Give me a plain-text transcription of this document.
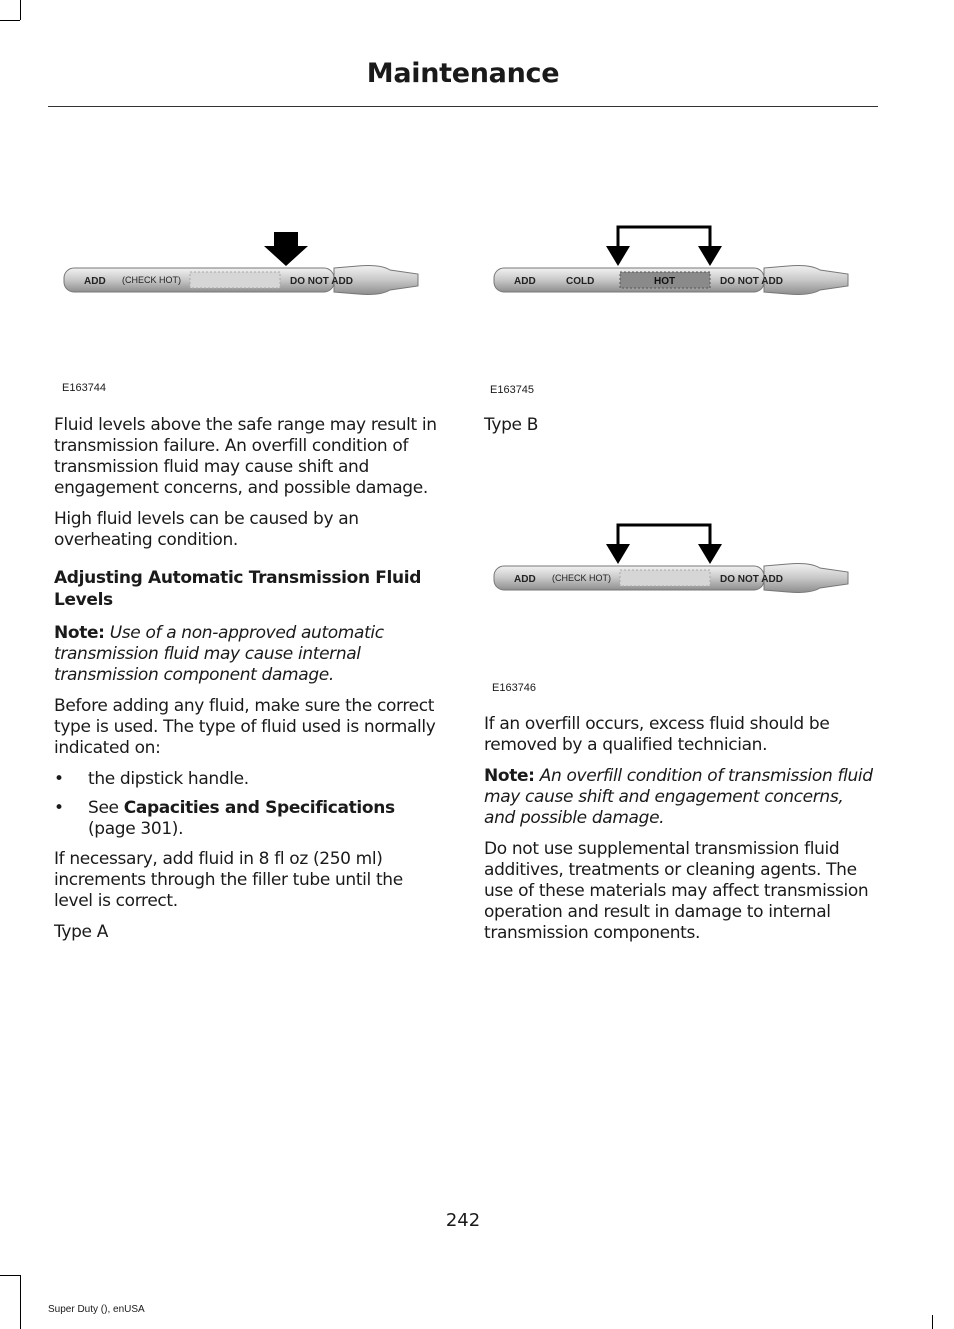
Maintenance
ADD (CHECK HOT)	DO NOT ADD
E163744
ADD	COLD	HOT	DO NOT ADD
E163745
ADD (CHECK HOT)	DO NOT ADD
E163746

Fluid levels above the safe range may result in transmission failure. An overfill condition of transmission fluid may cause shift and engagement concerns, and possible damage.

High fluid levels can be caused by an overheating condition.

Adjusting Automatic Transmission Fluid Levels

Note: Use of a non-approved automatic transmission fluid may cause internal transmission component damage.

Before adding any fluid, make sure the correct type is used. The type of fluid used is normally indicated on:

• the dipstick handle.
• See Capacities and Specifications (page 301).

If necessary, add fluid in 8 fl oz (250 ml) increments through the filler tube until the level is correct.

Type A

Type B

If an overfill occurs, excess fluid should be removed by a qualified technician.

Note: An overfill condition of transmission fluid may cause shift and engagement concerns, and possible damage.

Do not use supplemental transmission fluid additives, treatments or cleaning agents. The use of these materials may affect transmission operation and result in damage to internal transmission components.

242
Super Duty (), enUSA
